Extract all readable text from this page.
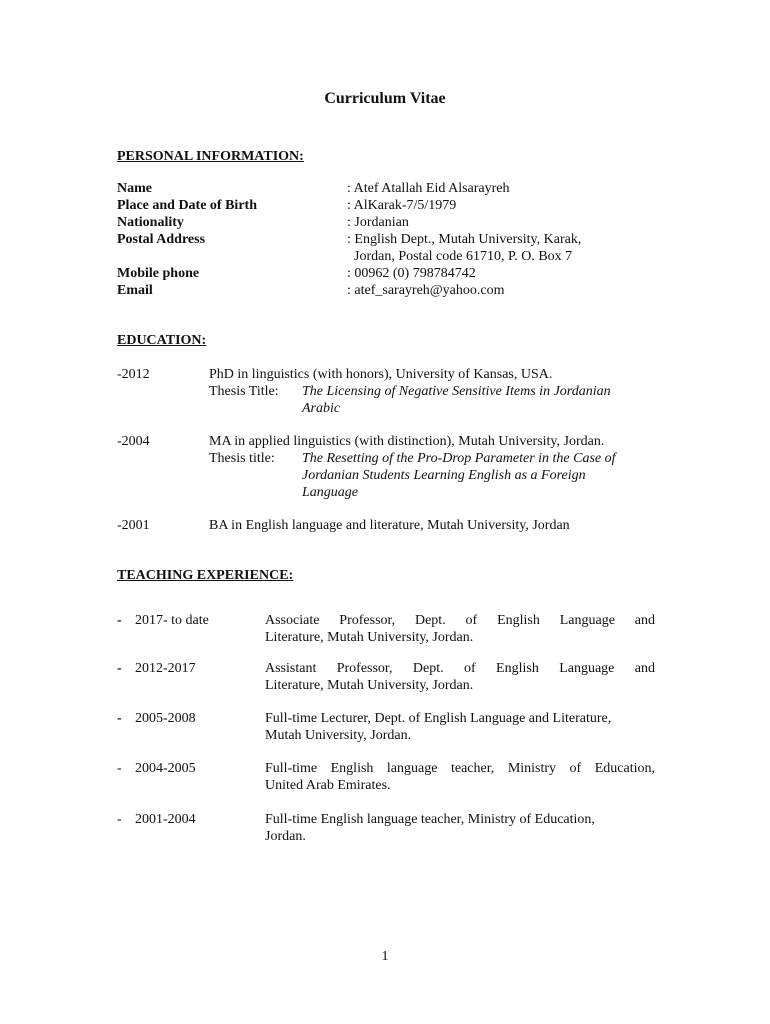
Curriculum Vitae
PERSONAL INFORMATION:
Name	: Atef Atallah Eid Alsarayreh
Place and Date of Birth	: AlKarak-7/5/1979
Nationality	: Jordanian
Postal Address	: English Dept., Mutah University, Karak,
Jordan, Postal code 61710, P. O. Box 7
Mobile phone	: 00962 (0) 798784742
Email	: atef_sarayreh@yahoo.com
EDUCATION:
-2012	PhD in linguistics (with honors), University of Kansas, USA.
Thesis Title: The Licensing of Negative Sensitive Items in Jordanian
Arabic
-2004	MA in applied linguistics (with distinction), Mutah University, Jordan.
Thesis title: The Resetting of the Pro-Drop Parameter in the Case of
Jordanian Students Learning English as a Foreign
Language
-2001	BA in English language and literature, Mutah University, Jordan
TEACHING EXPERIENCE:
- 2017- to date	Associate Professor, Dept. of English Language and
Literature, Mutah University, Jordan.
- 2012-2017	Assistant Professor, Dept. of English Language and
Literature, Mutah University, Jordan.
- 2005-2008	Full-time Lecturer, Dept. of English Language and Literature,
Mutah University, Jordan.
- 2004-2005	Full-time English language teacher, Ministry of Education,
United Arab Emirates.
- 2001-2004	Full-time English language teacher, Ministry of Education,
Jordan.
1
